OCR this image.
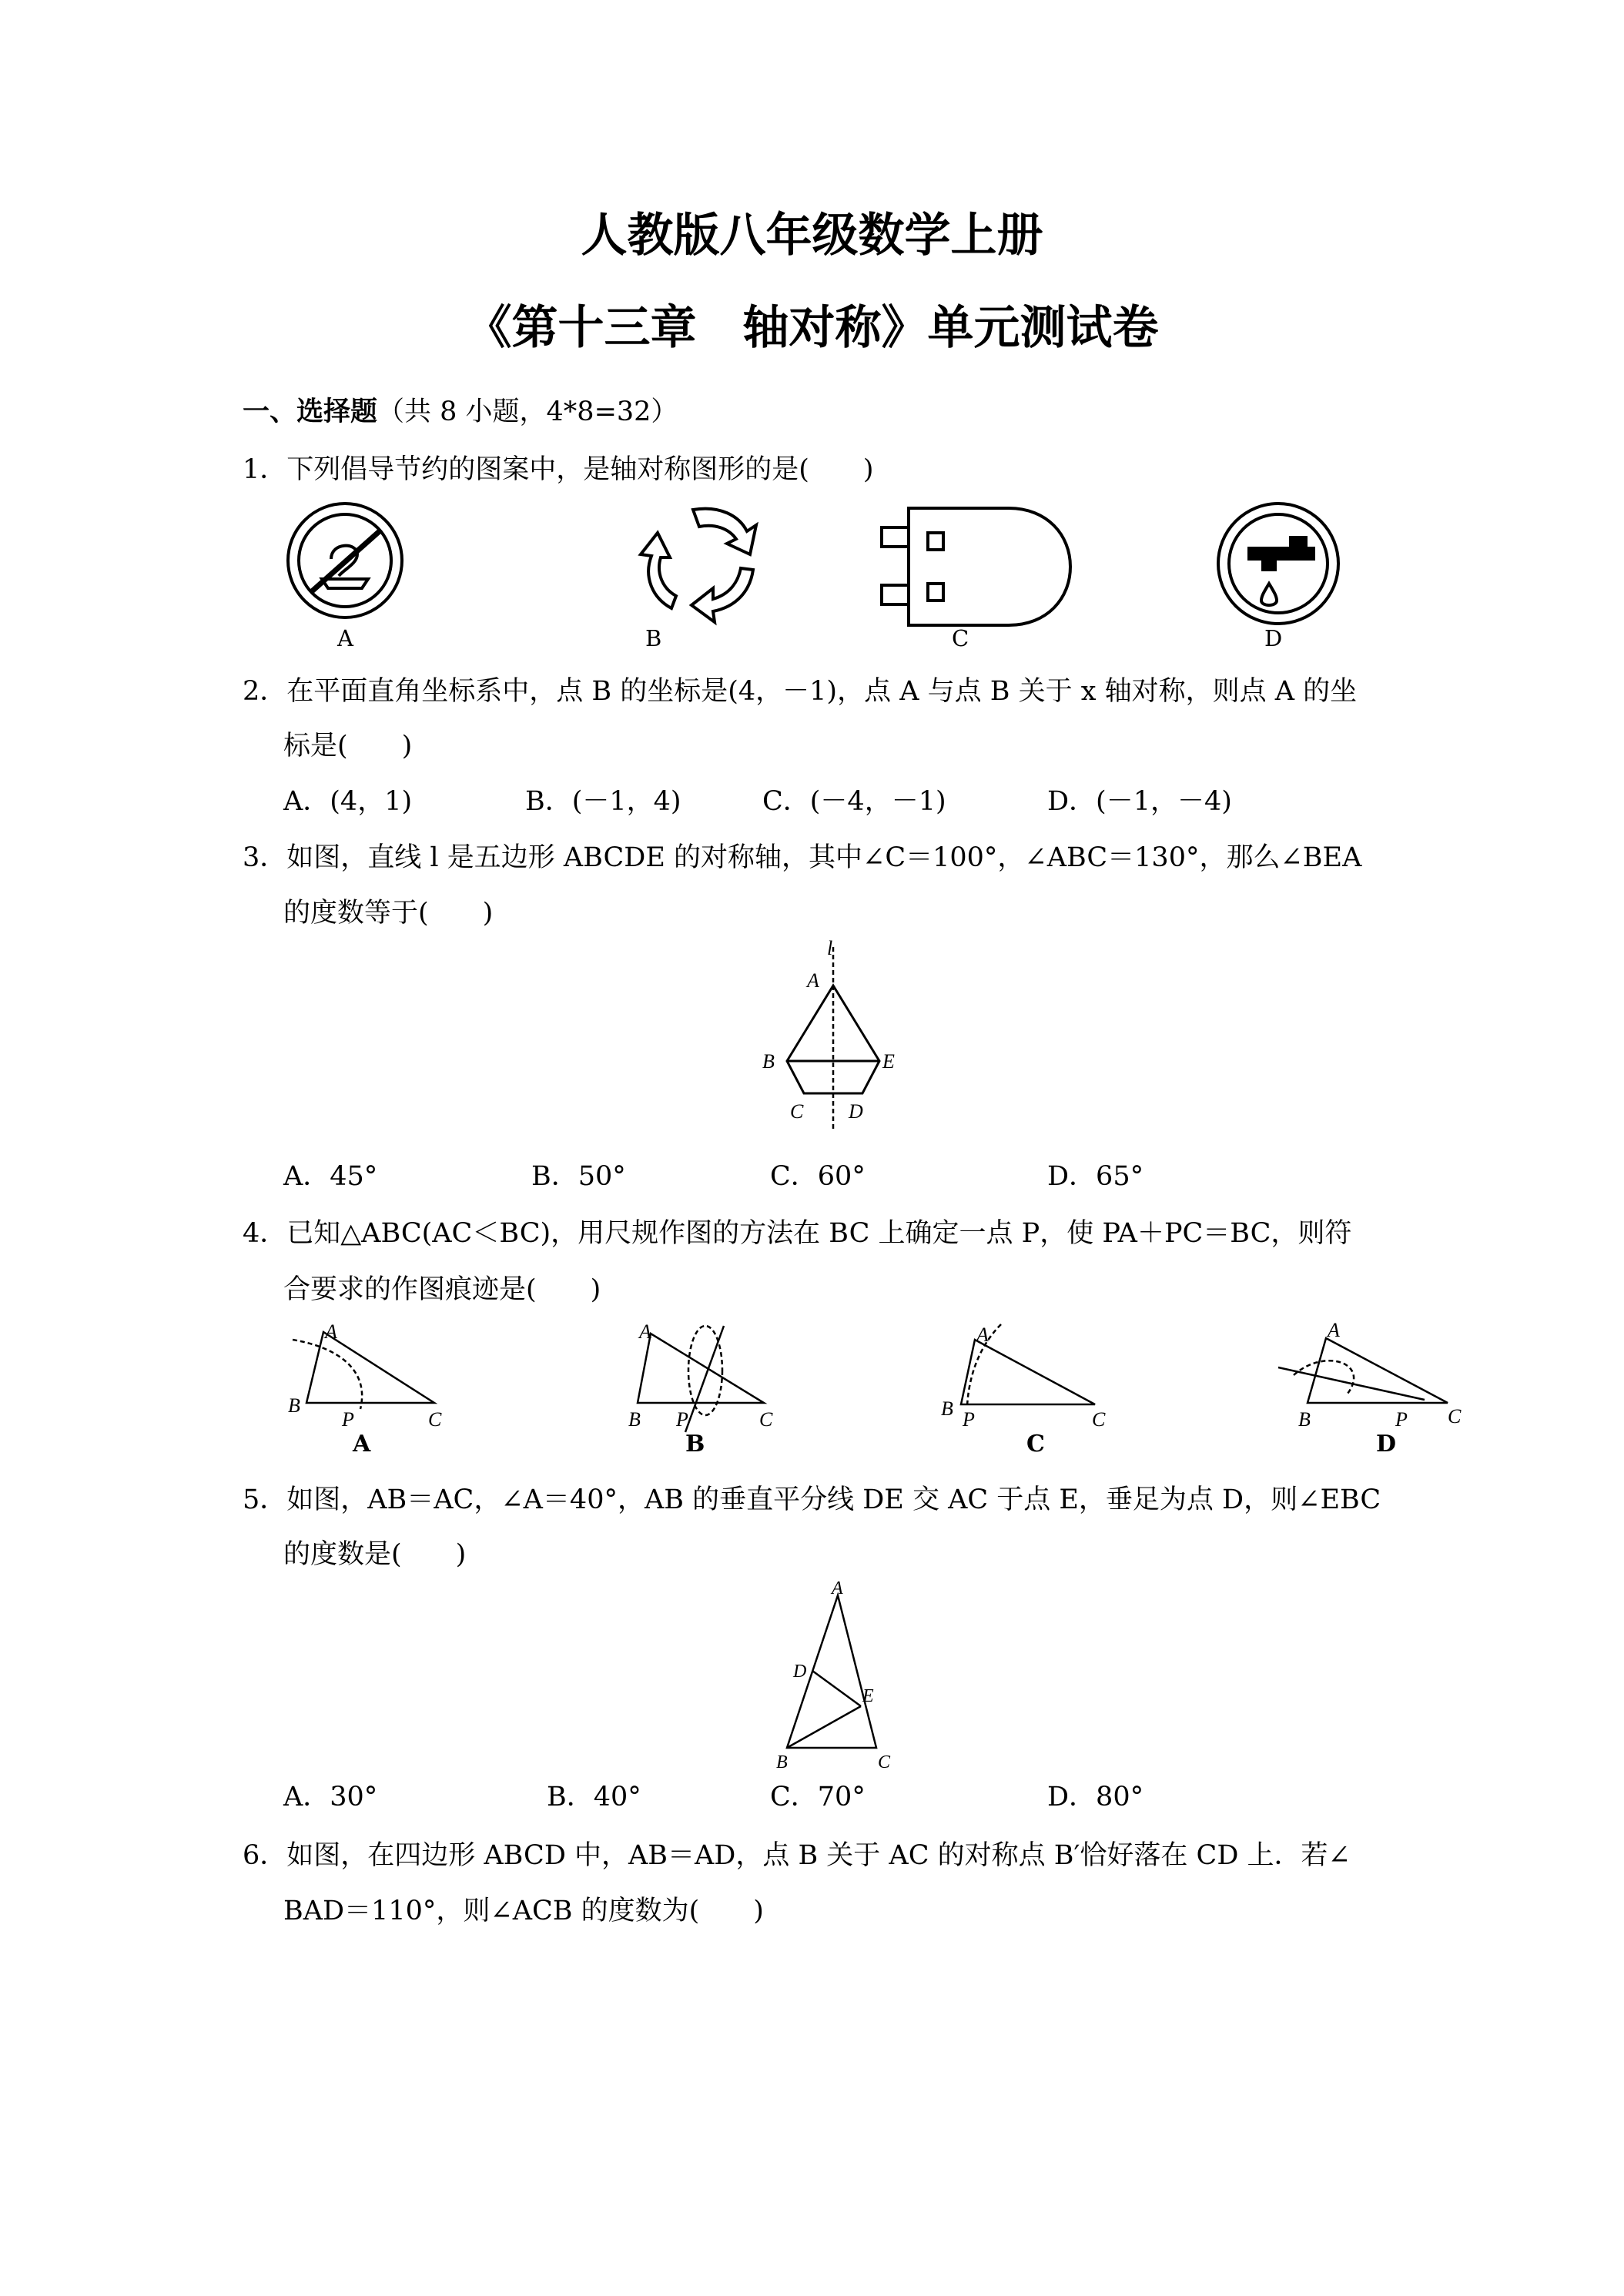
人教版八年级数学上册
《第十三章　轴对称》单元测试卷
一、选择题（共 8 小题，4*8=32）
1．下列倡导节约的图案中，是轴对称图形的是(　　)
A	B	C	D
2．在平面直角坐标系中，点 B 的坐标是(4，－1)，点 A 与点 B 关于 x 轴对称，则点 A 的坐
标是(　　)
A．(4，1)	B．(－1，4)	C．(－4，－1)	D．(－1，－4)
3．如图，直线 l 是五边形 ABCDE 的对称轴，其中∠C＝100°，∠ABC＝130°，那么∠BEA
的度数等于(　　)
l
A
B	E
C D
A．45°	B．50°	C．60°	D．65°
4．已知△ABC(AC＜BC)，用尺规作图的方法在 BC 上确定一点 P，使 PA＋PC＝BC，则符
合要求的作图痕迹是(　　)
A
B
P	C
A
B P	C
A
B P	C
A
B	P C
A	B	C	D
5．如图，AB＝AC，∠A＝40°，AB 的垂直平分线 DE 交 AC 于点 E，垂足为点 D，则∠EBC
的度数是(　　)
A
D
E
B	C
A．30°	B．40°	C．70°	D．80°
6．如图，在四边形 ABCD 中，AB＝AD，点 B 关于 AC 的对称点 B′恰好落在 CD 上．若∠
BAD＝110°，则∠ACB 的度数为(　　)
